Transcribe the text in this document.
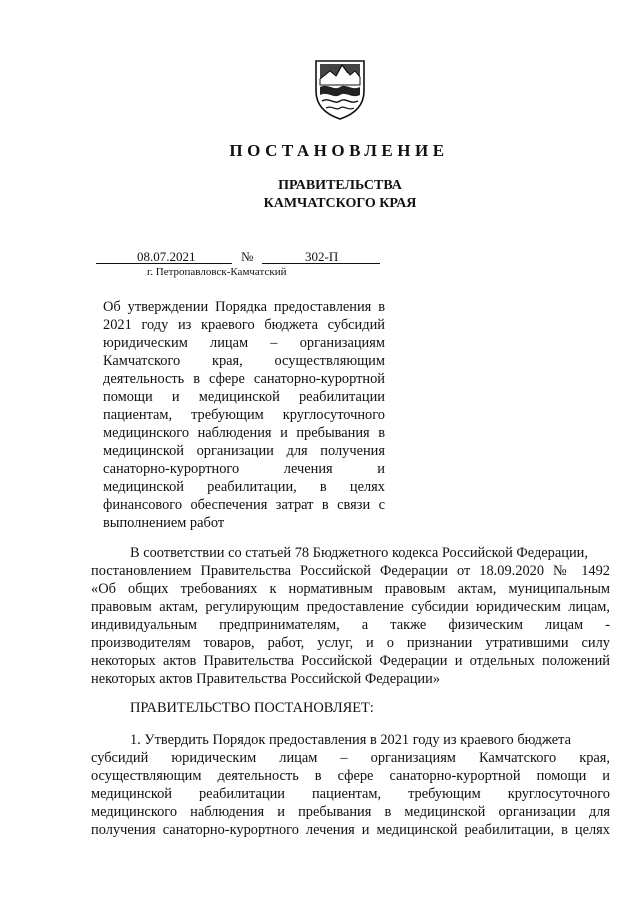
ПОСТАНОВЛЕНИЕ
ПРАВИТЕЛЬСТВА
КАМЧАТСКОГО КРАЯ
08.07.2021	№	302-П
г. Петропавловск-Камчатский
Об утверждении Порядка предоставления в
2021 году из краевого бюджета субсидий
юридическим лицам – организациям
Камчатского края, осуществляющим
деятельность в сфере санаторно-курортной
помощи и медицинской реабилитации
пациентам, требующим круглосуточного
медицинского наблюдения и пребывания в
медицинской организации для получения
санаторно-курортного лечения и
медицинской реабилитации, в целях
финансового обеспечения затрат в связи с
выполнением работ
В соответствии со статьей 78 Бюджетного кодекса Российской Федерации,
постановлением Правительства Российской Федерации от 18.09.2020 № 1492
«Об общих требованиях к нормативным правовым актам, муниципальным
правовым актам, регулирующим предоставление субсидии юридическим лицам,
индивидуальным предпринимателям, а также физическим лицам -
производителям товаров, работ, услуг, и о признании утратившими силу
некоторых актов Правительства Российской Федерации и отдельных положений
некоторых актов Правительства Российской Федерации»
ПРАВИТЕЛЬСТВО ПОСТАНОВЛЯЕТ:
1. Утвердить Порядок предоставления в 2021 году из краевого бюджета
субсидий юридическим лицам – организациям Камчатского края,
осуществляющим деятельность в сфере санаторно-курортной помощи и
медицинской реабилитации пациентам, требующим круглосуточного
медицинского наблюдения и пребывания в медицинской организации для
получения санаторно-курортного лечения и медицинской реабилитации, в целях
